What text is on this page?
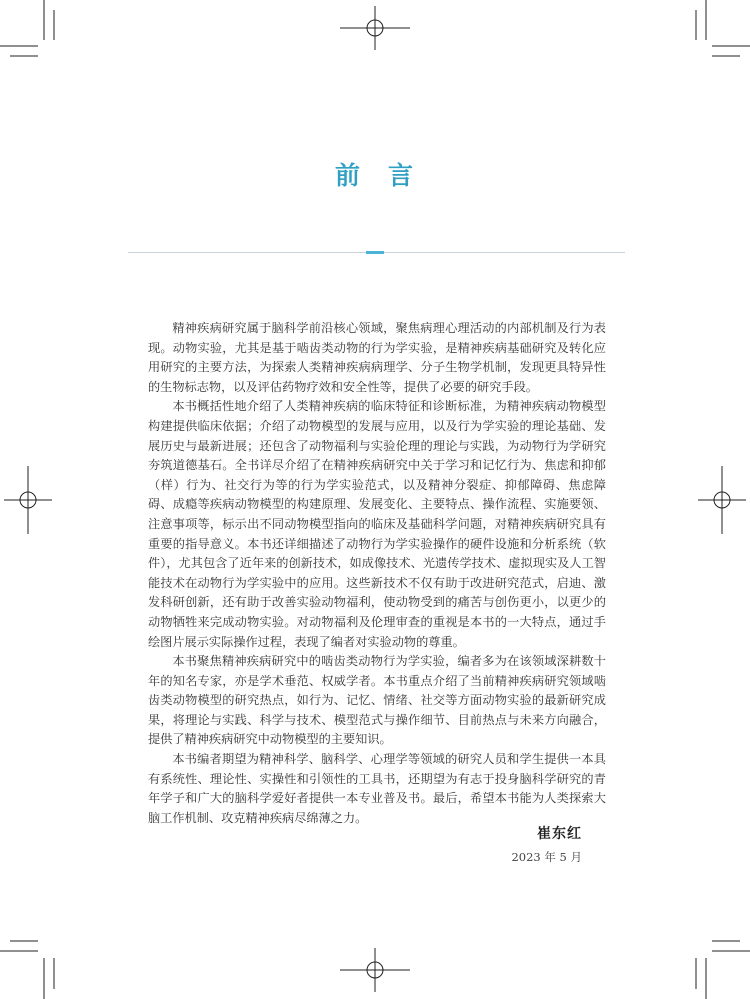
前 言

精神疾病研究属于脑科学前沿核心领域，聚焦病理心理活动的内部机制及行为表现。动物实验，尤其是基于啮齿类动物的行为学实验，是精神疾病基础研究及转化应用研究的主要方法，为探索人类精神疾病病理学、分子生物学机制，发现更具特异性的生物标志物，以及评估药物疗效和安全性等，提供了必要的研究手段。

本书概括性地介绍了人类精神疾病的临床特征和诊断标准，为精神疾病动物模型构建提供临床依据；介绍了动物模型的发展与应用，以及行为学实验的理论基础、发展历史与最新进展；还包含了动物福利与实验伦理的理论与实践，为动物行为学研究夯筑道德基石。全书详尽介绍了在精神疾病研究中关于学习和记忆行为、焦虑和抑郁（样）行为、社交行为等的行为学实验范式，以及精神分裂症、抑郁障碍、焦虑障碍、成瘾等疾病动物模型的构建原理、发展变化、主要特点、操作流程、实施要领、注意事项等，标示出不同动物模型指向的临床及基础科学问题，对精神疾病研究具有重要的指导意义。本书还详细描述了动物行为学实验操作的硬件设施和分析系统（软件），尤其包含了近年来的创新技术，如成像技术、光遗传学技术、虚拟现实及人工智能技术在动物行为学实验中的应用。这些新技术不仅有助于改进研究范式，启迪、激发科研创新，还有助于改善实验动物福利，使动物受到的痛苦与创伤更小，以更少的动物牺牲来完成动物实验。对动物福利及伦理审查的重视是本书的一大特点，通过手绘图片展示实际操作过程，表现了编者对实验动物的尊重。

本书聚焦精神疾病研究中的啮齿类动物行为学实验，编者多为在该领域深耕数十年的知名专家，亦是学术垂范、权威学者。本书重点介绍了当前精神疾病研究领域啮齿类动物模型的研究热点，如行为、记忆、情绪、社交等方面动物实验的最新研究成果，将理论与实践、科学与技术、模型范式与操作细节、目前热点与未来方向融合，提供了精神疾病研究中动物模型的主要知识。

本书编者期望为精神科学、脑科学、心理学等领域的研究人员和学生提供一本具有系统性、理论性、实操性和引领性的工具书，还期望为有志于投身脑科学研究的青年学子和广大的脑科学爱好者提供一本专业普及书。最后，希望本书能为人类探索大脑工作机制、攻克精神疾病尽绵薄之力。

崔东红
2023 年 5 月
